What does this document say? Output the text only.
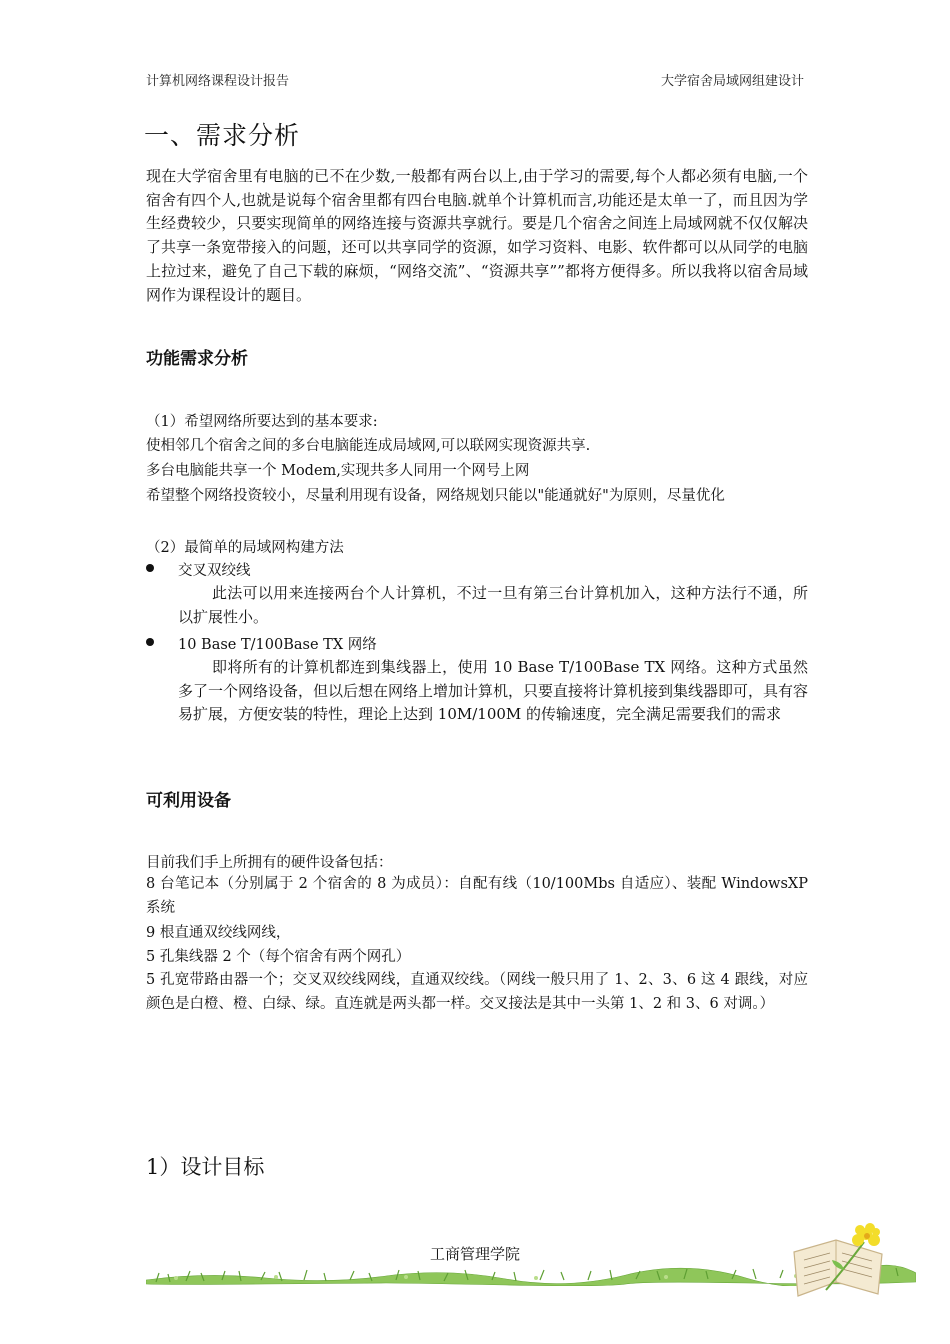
计算机网络课程设计报告	大学宿舍局域网组建设计
一、需求分析
现在大学宿舍里有电脑的已不在少数,一般都有两台以上,由于学习的需要,每个人都必须有电脑,一个宿舍有四个人,也就是说每个宿舍里都有四台电脑.就单个计算机而言,功能还是太单一了，而且因为学生经费较少，只要实现简单的网络连接与资源共享就行。要是几个宿舍之间连上局域网就不仅仅解决了共享一条宽带接入的问题，还可以共享同学的资源，如学习资料、电影、软件都可以从同学的电脑上拉过来，避免了自己下载的麻烦，“网络交流”、“资源共享””都将方便得多。所以我将以宿舍局域网作为课程设计的题目。
功能需求分析
（1）希望网络所要达到的基本要求:
使相邻几个宿舍之间的多台电脑能连成局域网,可以联网实现资源共享.
多台电脑能共享一个 Modem,实现共多人同用一个网号上网
希望整个网络投资较小，尽量利用现有设备，网络规划只能以"能通就好"为原则，尽量优化
（2）最简单的局域网构建方法
交叉双绞线
此法可以用来连接两台个人计算机，不过一旦有第三台计算机加入，这种方法行不通，所以扩展性小。
10 Base T/100Base TX 网络
即将所有的计算机都连到集线器上，使用 10 Base T/100Base TX 网络。这种方式虽然多了一个网络设备，但以后想在网络上增加计算机，只要直接将计算机接到集线器即可，具有容易扩展，方便安装的特性，理论上达到 10M/100M 的传输速度，完全满足需要我们的需求
可利用设备
目前我们手上所拥有的硬件设备包括：
8 台笔记本（分别属于 2 个宿舍的 8 为成员）：自配有线（10/100Mbs 自适应）、装配 WindowsXP 系统
9 根直通双绞线网线，
5 孔集线器 2 个（每个宿舍有两个网孔）
5 孔宽带路由器一个；交叉双绞线网线，直通双绞线。（网线一般只用了 1、2、3、6 这 4 跟线，对应颜色是白橙、橙、白绿、绿。直连就是两头都一样。交叉接法是其中一头第 1、2 和 3、6 对调。）
1）设计目标
工商管理学院
